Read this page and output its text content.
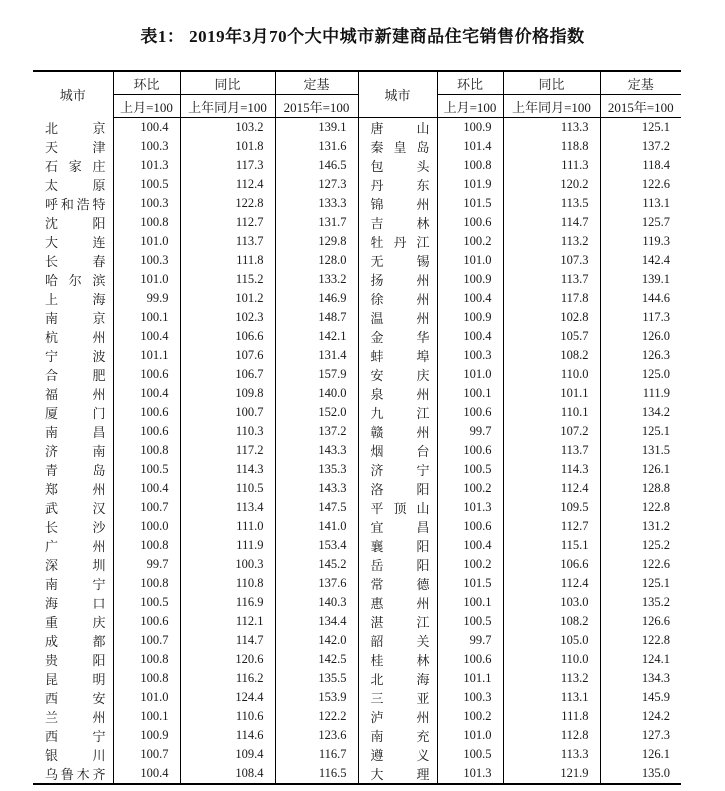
表1： 2019年3月70个大中城市新建商品住宅销售价格指数
城市	环比	同比	定基	城市	环比	同比	定基
	上月=100	上年同月=100	2015年=100		上月=100	上年同月=100	2015年=100
北京	100.4	103.2	139.1	唐山	100.9	113.3	125.1
天津	100.3	101.8	131.6	秦皇岛	101.4	118.8	137.2
石家庄	101.3	117.3	146.5	包头	100.8	111.3	118.4
太原	100.5	112.4	127.3	丹东	101.9	120.2	122.6
呼和浩特	100.3	122.8	133.3	锦州	101.5	113.5	113.1
沈阳	100.8	112.7	131.7	吉林	100.6	114.7	125.7
大连	101.0	113.7	129.8	牡丹江	100.2	113.2	119.3
长春	100.3	111.8	128.0	无锡	101.0	107.3	142.4
哈尔滨	101.0	115.2	133.2	扬州	100.9	113.7	139.1
上海	99.9	101.2	146.9	徐州	100.4	117.8	144.6
南京	100.1	102.3	148.7	温州	100.9	102.8	117.3
杭州	100.4	106.6	142.1	金华	100.4	105.7	126.0
宁波	101.1	107.6	131.4	蚌埠	100.3	108.2	126.3
合肥	100.6	106.7	157.9	安庆	101.0	110.0	125.0
福州	100.4	109.8	140.0	泉州	100.1	101.1	111.9
厦门	100.6	100.7	152.0	九江	100.6	110.1	134.2
南昌	100.6	110.3	137.2	赣州	99.7	107.2	125.1
济南	100.8	117.2	143.3	烟台	100.6	113.7	131.5
青岛	100.5	114.3	135.3	济宁	100.5	114.3	126.1
郑州	100.4	110.5	143.3	洛阳	100.2	112.4	128.8
武汉	100.7	113.4	147.5	平顶山	101.3	109.5	122.8
长沙	100.0	111.0	141.0	宜昌	100.6	112.7	131.2
广州	100.8	111.9	153.4	襄阳	100.4	115.1	125.2
深圳	99.7	100.3	145.2	岳阳	100.2	106.6	122.6
南宁	100.8	110.8	137.6	常德	101.5	112.4	125.1
海口	100.5	116.9	140.3	惠州	100.1	103.0	135.2
重庆	100.6	112.1	134.4	湛江	100.5	108.2	126.6
成都	100.7	114.7	142.0	韶关	99.7	105.0	122.8
贵阳	100.8	120.6	142.5	桂林	100.6	110.0	124.1
昆明	100.8	116.2	135.5	北海	101.1	113.2	134.3
西安	101.0	124.4	153.9	三亚	100.3	113.1	145.9
兰州	100.1	110.6	122.2	泸州	100.2	111.8	124.2
西宁	100.9	114.6	123.6	南充	101.0	112.8	127.3
银川	100.7	109.4	116.7	遵义	100.5	113.3	126.1
乌鲁木齐	100.4	108.4	116.5	大理	101.3	121.9	135.0
